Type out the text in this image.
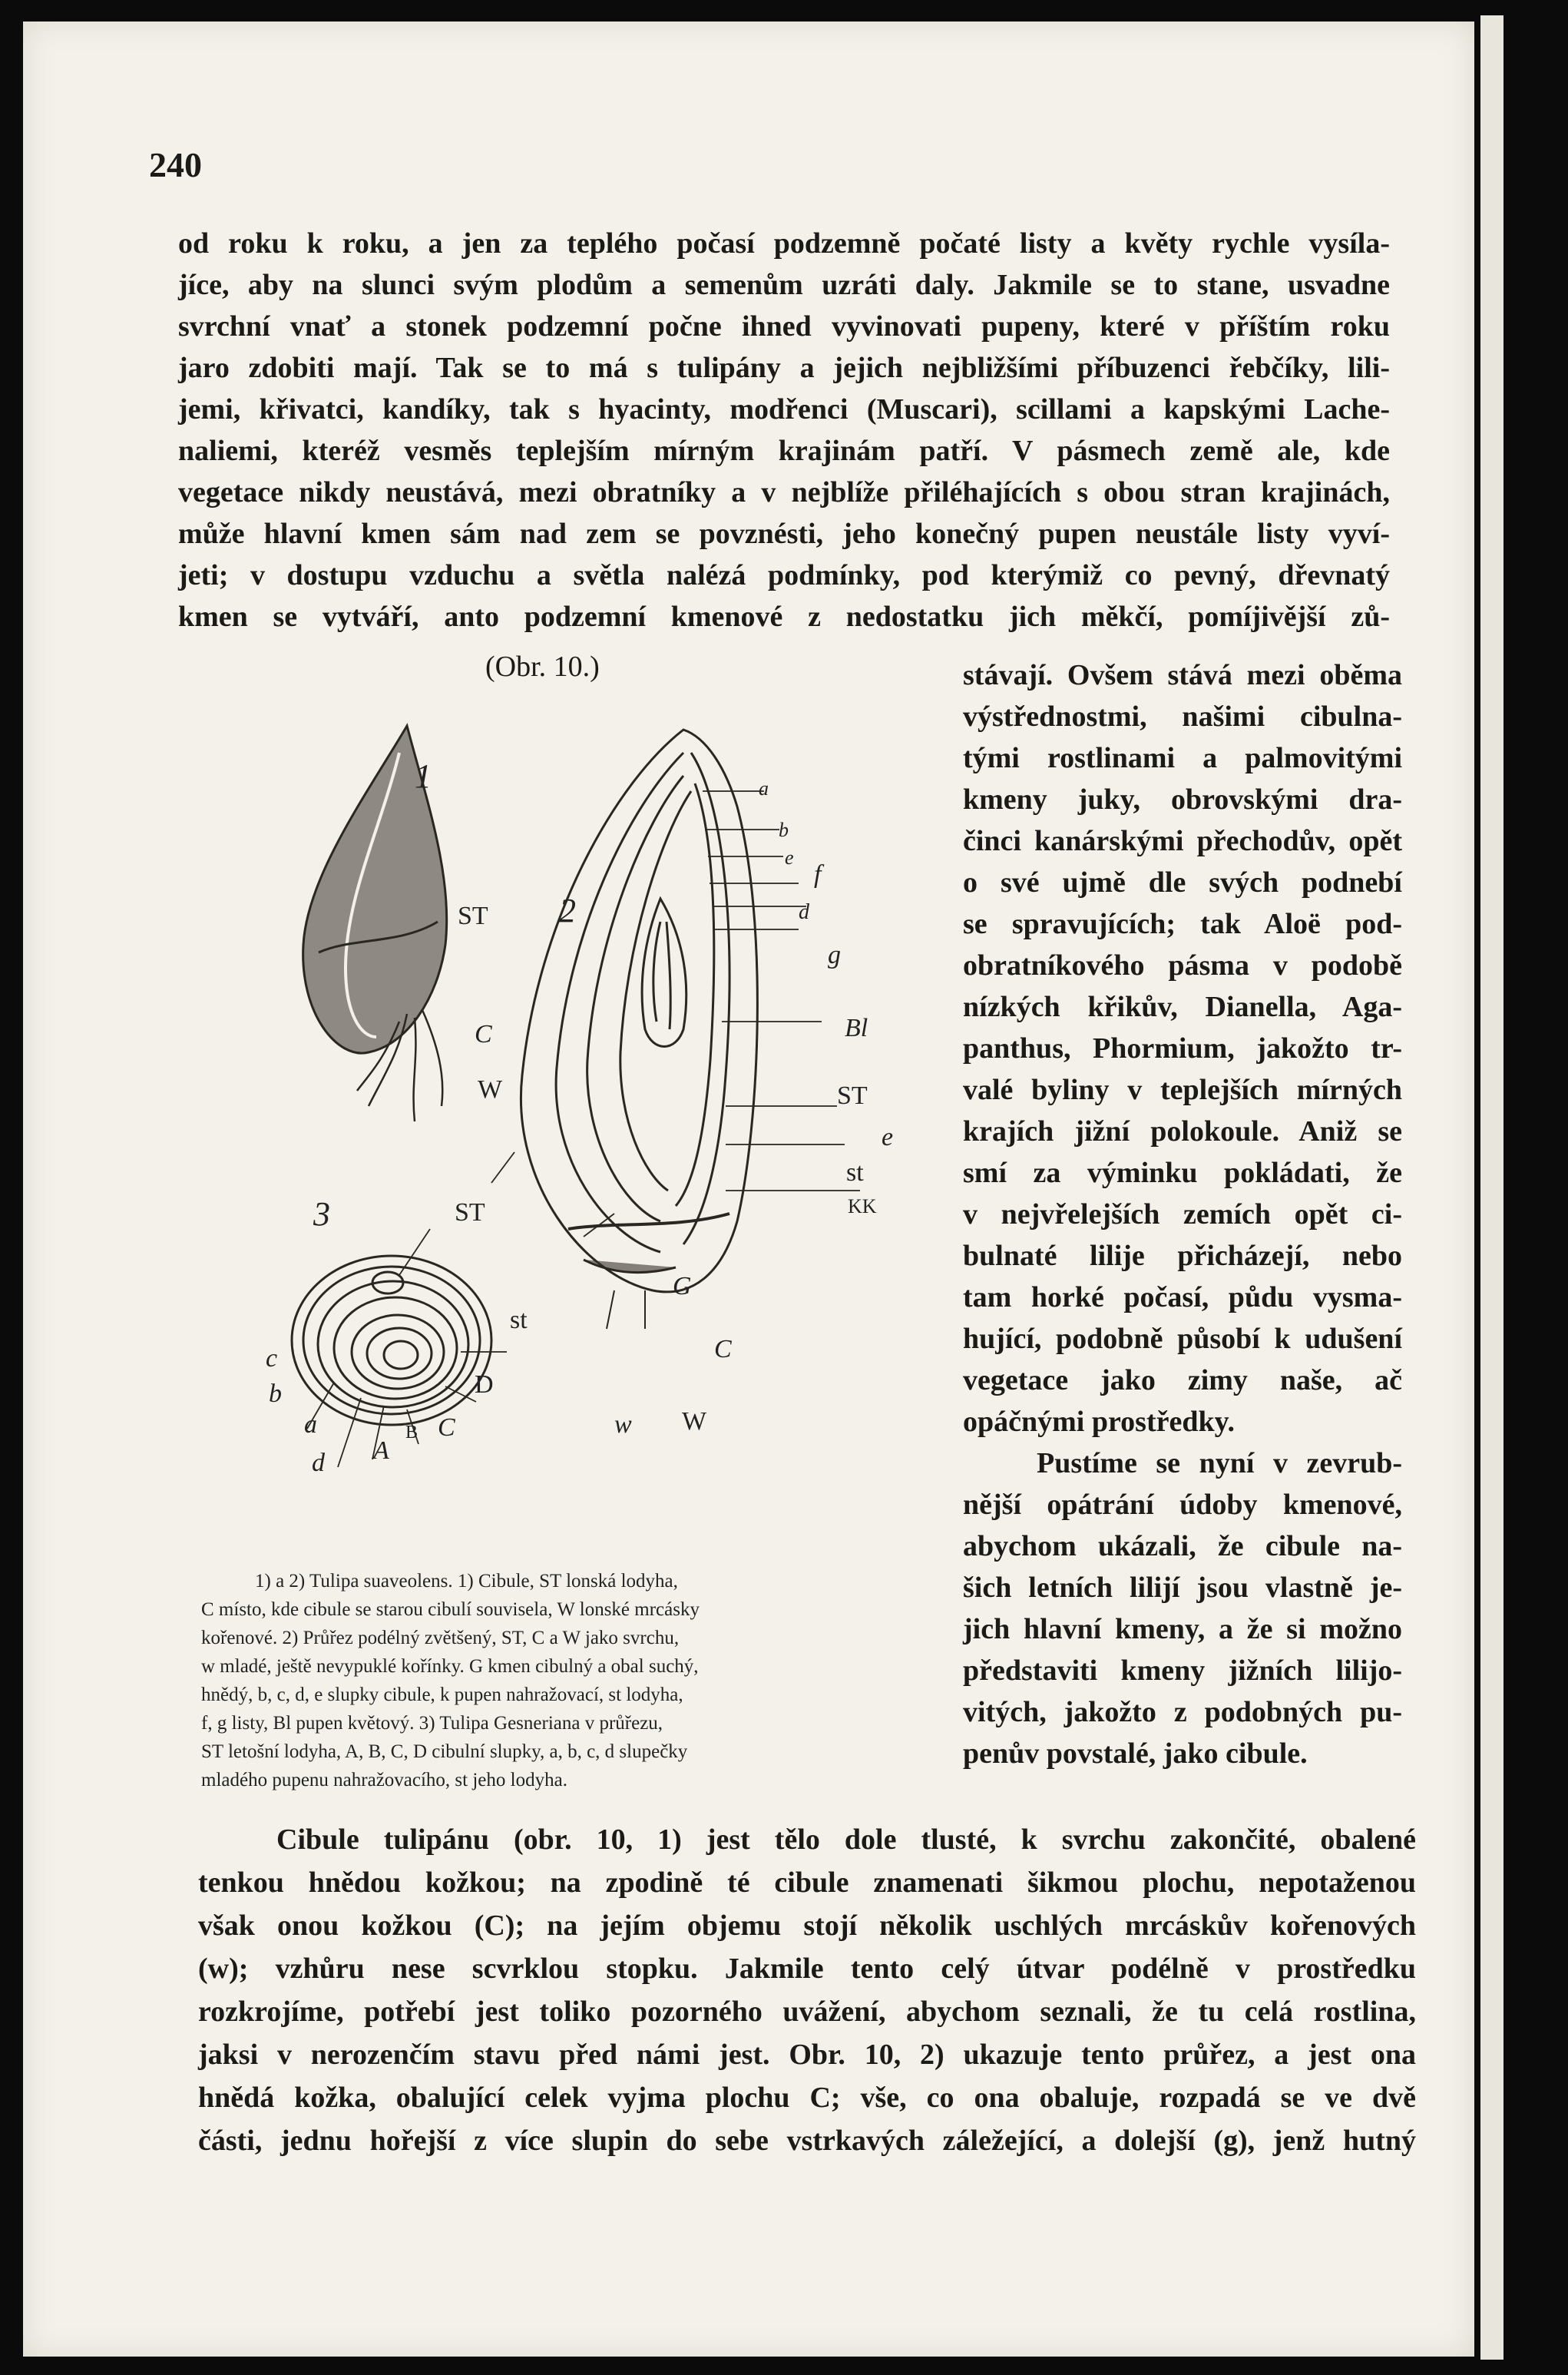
240
od roku k roku, a jen za teplého počasí podzemně počaté listy a květy rychle vysíla-
jíce, aby na slunci svým plodům a semenům uzráti daly. Jakmile se to stane, usvadne
svrchní vnať a stonek podzemní počne ihned vyvinovati pupeny, které v příštím roku
jaro zdobiti mají. Tak se to má s tulipány a jejich nejbližšími příbuzenci řebčíky, lili-
jemi, křivatci, kandíky, tak s hyacinty, modřenci (Muscari), scillami a kapskými Lache-
naliemi, kteréž vesměs teplejším mírným krajinám patří. V pásmech země ale, kde
vegetace nikdy neustává, mezi obratníky a v nejblíže přiléhajících s obou stran krajinách,
může hlavní kmen sám nad zem se povznésti, jeho konečný pupen neustále listy vyví-
jeti; v dostupu vzduchu a světla nalézá podmínky, pod kterýmiž co pevný, dřevnatý
kmen se vytváří, anto podzemní kmenové z nedostatku jich měkčí, pomíjivější zů-
(Obr. 10.)	stávají. Ovšem stává mezi oběma
výstřednostmi, našimi cibulna-
tými rostlinami a palmovitými
kmeny juky, obrovskými dra-
činci kanárskými přechodův, opět
o své ujmě dle svých podnebí
se spravujících; tak Aloë pod-
obratníkového pásma v podobě
nízkých křikův, Dianella, Aga-
panthus, Phormium, jakožto tr-
valé byliny v teplejších mírných
krajích jižní polokoule. Aniž se
smí za výminku pokládati, že
v nejvřelejších zemích opět ci-
bulnaté lilije přicházejí, nebo
tam horké počasí, půdu vysma-
hující, podobně působí k udušení
vegetace jako zimy naše, ač
opáčnými prostředky.
Pustíme se nyní v zevrub-
nější opátrání údoby kmenové,
abychom ukázali, že cibule na-
šich letních lilijí jsou vlastně je-
jich hlavní kmeny, a že si možno
představiti kmeny jižních lilijo-
vitých, jakožto z podobných pu-
penův povstalé, jako cibule.
1
2
3
ST
C
W
a
b
e
f
d
g
Bl
ST
e
st
KK
G
C
w W
ST
st
c
b
a
d A
B C
D
1) a 2) Tulipa suaveolens. 1) Cibule, ST lonská lodyha,
C místo, kde cibule se starou cibulí souvisela, W lonské mrcásky
kořenové. 2) Průřez podélný zvětšený, ST, C a W jako svrchu,
w mladé, ještě nevypuklé kořínky. G kmen cibulný a obal suchý,
hnědý, b, c, d, e slupky cibule, k pupen nahražovací, st lodyha,
f, g listy, Bl pupen květový. 3) Tulipa Gesneriana v průřezu,
ST letošní lodyha, A, B, C, D cibulní slupky, a, b, c, d slupečky
mladého pupenu nahražovacího, st jeho lodyha.
Cibule tulipánu (obr. 10, 1) jest tělo dole tlusté, k svrchu zakončité, obalené
tenkou hnědou kožkou; na zpodině té cibule znamenati šikmou plochu, nepotaženou
však onou kožkou (C); na jejím objemu stojí několik uschlých mrcáskův kořenových
(w); vzhůru nese scvrklou stopku. Jakmile tento celý útvar podélně v prostředku
rozkrojíme, potřebí jest toliko pozorného uvážení, abychom seznali, že tu celá rostlina,
jaksi v nerozenčím stavu před námi jest. Obr. 10, 2) ukazuje tento průřez, a jest ona
hnědá kožka, obalující celek vyjma plochu C; vše, co ona obaluje, rozpadá se ve dvě
části, jednu hořejší z více slupin do sebe vstrkavých záležející, a dolejší (g), jenž hutný
